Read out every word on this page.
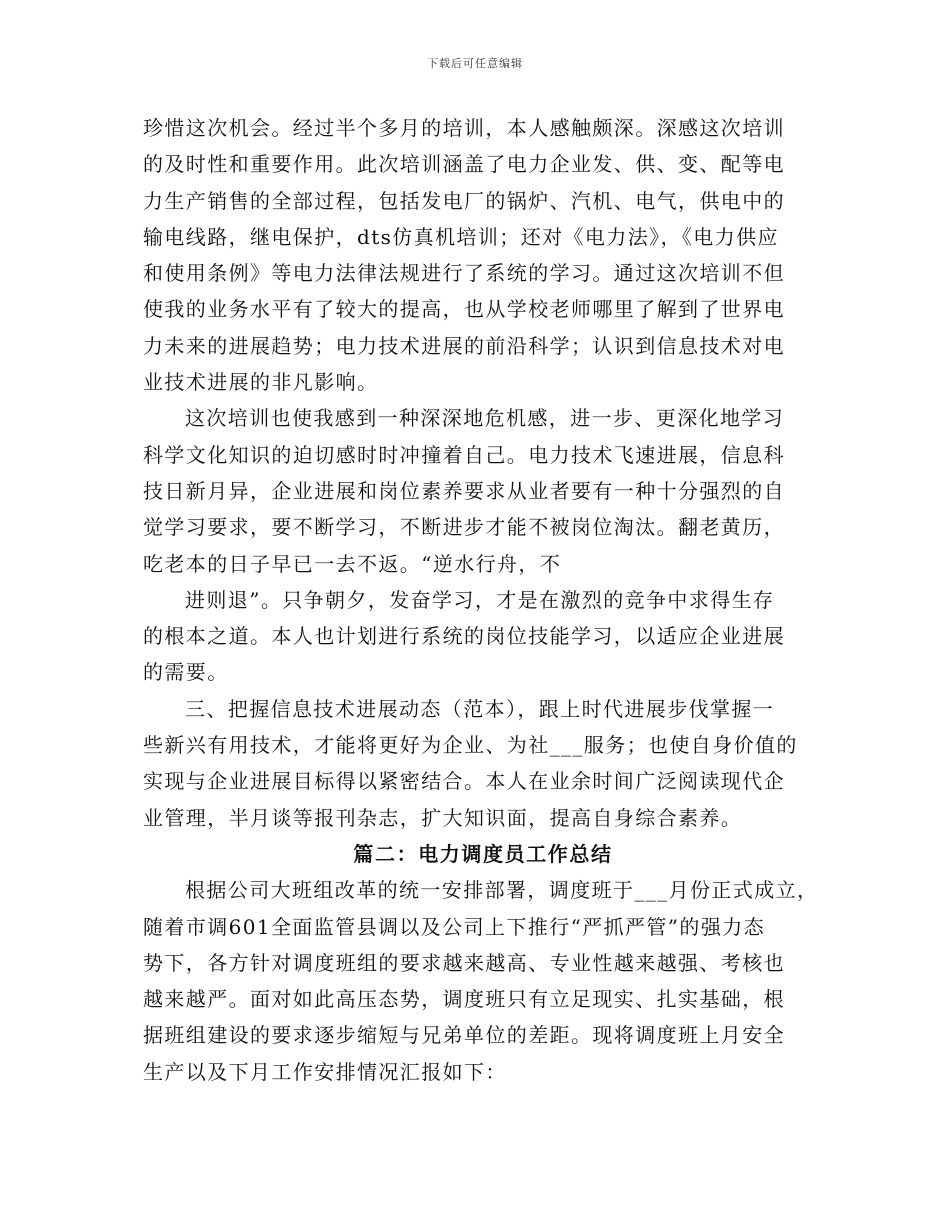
下载后可任意编辑
珍惜这次机会。经过半个多月的培训，本人感触颇深。深感这次培训
的及时性和重要作用。此次培训涵盖了电力企业发、供、变、配等电
力生产销售的全部过程，包括发电厂的锅炉、汽机、电气，供电中的
输电线路，继电保护，dts仿真机培训；还对《电力法》，《电力供应
和使用条例》等电力法律法规进行了系统的学习。通过这次培训不但
使我的业务水平有了较大的提高，也从学校老师哪里了解到了世界电
力未来的进展趋势；电力技术进展的前沿科学；认识到信息技术对电
业技术进展的非凡影响。
这次培训也使我感到一种深深地危机感，进一步、更深化地学习
科学文化知识的迫切感时时冲撞着自己。电力技术飞速进展，信息科
技日新月异，企业进展和岗位素养要求从业者要有一种十分强烈的自
觉学习要求，要不断学习，不断进步才能不被岗位淘汰。翻老黄历，
吃老本的日子早已一去不返。“逆水行舟，不
进则退”。只争朝夕，发奋学习，才是在激烈的竞争中求得生存
的根本之道。本人也计划进行系统的岗位技能学习，以适应企业进展
的需要。
三、把握信息技术进展动态（范本），跟上时代进展步伐掌握一
些新兴有用技术，才能将更好为企业、为社___服务；也使自身价值的
实现与企业进展目标得以紧密结合。本人在业余时间广泛阅读现代企
业管理，半月谈等报刊杂志，扩大知识面，提高自身综合素养。
篇二：电力调度员工作总结
根据公司大班组改革的统一安排部署，调度班于___月份正式成立，
随着市调601全面监管县调以及公司上下推行“严抓严管”的强力态
势下，各方针对调度班组的要求越来越高、专业性越来越强、考核也
越来越严。面对如此高压态势，调度班只有立足现实、扎实基础，根
据班组建设的要求逐步缩短与兄弟单位的差距。现将调度班上月安全
生产以及下月工作安排情况汇报如下：
